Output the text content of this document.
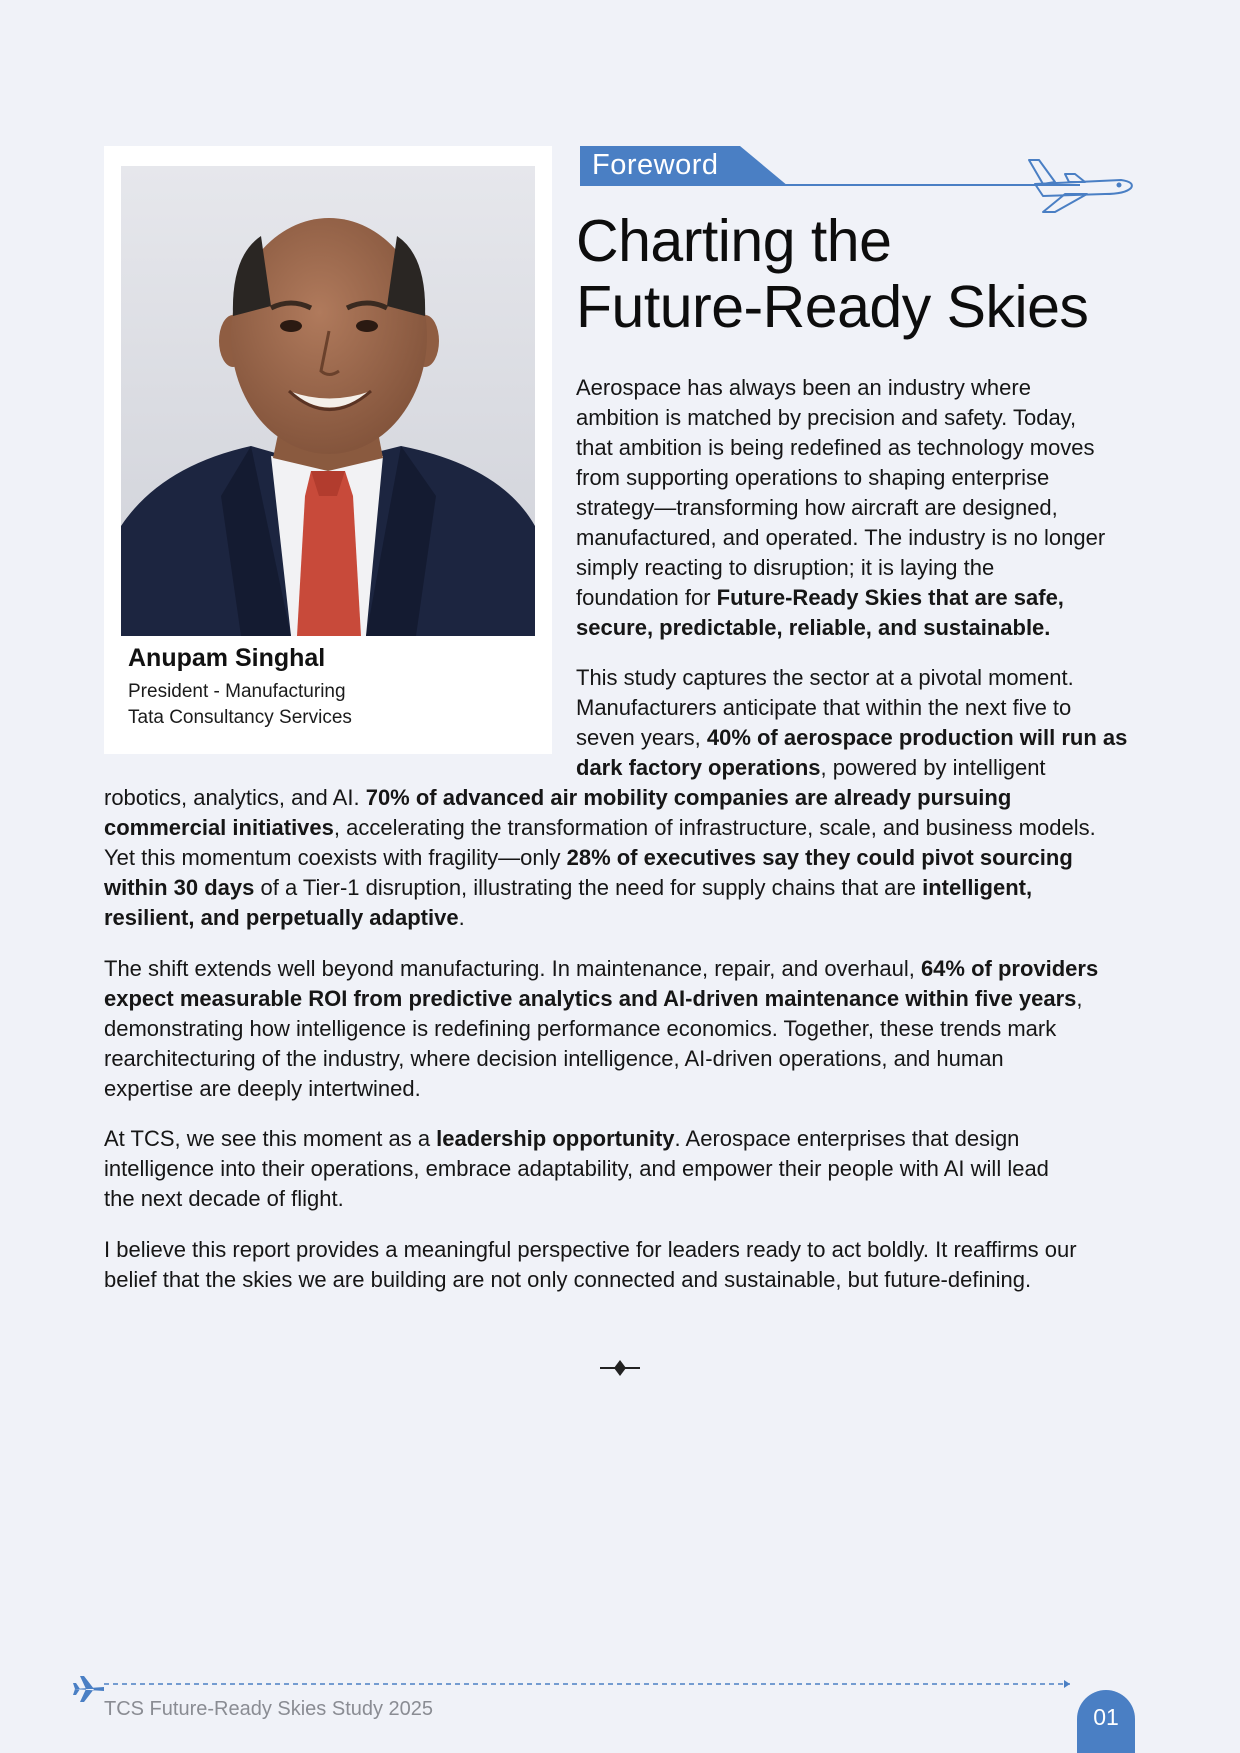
Anupam Singhal
President - Manufacturing
Tata Consultancy Services
Foreword
Charting the
Future-Ready Skies
Aerospace has always been an industry where
ambition is matched by precision and safety. Today,
that ambition is being redefined as technology moves
from supporting operations to shaping enterprise
strategy—transforming how aircraft are designed,
manufactured, and operated. The industry is no longer
simply reacting to disruption; it is laying the
foundation for Future-Ready Skies that are safe,
secure, predictable, reliable, and sustainable.
This study captures the sector at a pivotal moment.
Manufacturers anticipate that within the next five to
seven years, 40% of aerospace production will run as
dark factory operations, powered by intelligent
robotics, analytics, and AI. 70% of advanced air mobility companies are already pursuing
commercial initiatives, accelerating the transformation of infrastructure, scale, and business models.
Yet this momentum coexists with fragility—only 28% of executives say they could pivot sourcing
within 30 days of a Tier-1 disruption, illustrating the need for supply chains that are intelligent,
resilient, and perpetually adaptive.
The shift extends well beyond manufacturing. In maintenance, repair, and overhaul, 64% of providers
expect measurable ROI from predictive analytics and AI-driven maintenance within five years,
demonstrating how intelligence is redefining performance economics. Together, these trends mark
rearchitecturing of the industry, where decision intelligence, AI-driven operations, and human
expertise are deeply intertwined.
At TCS, we see this moment as a leadership opportunity. Aerospace enterprises that design
intelligence into their operations, embrace adaptability, and empower their people with AI will lead
the next decade of flight.
I believe this report provides a meaningful perspective for leaders ready to act boldly. It reaffirms our
belief that the skies we are building are not only connected and sustainable, but future-defining.
TCS Future-Ready Skies Study 2025	01
